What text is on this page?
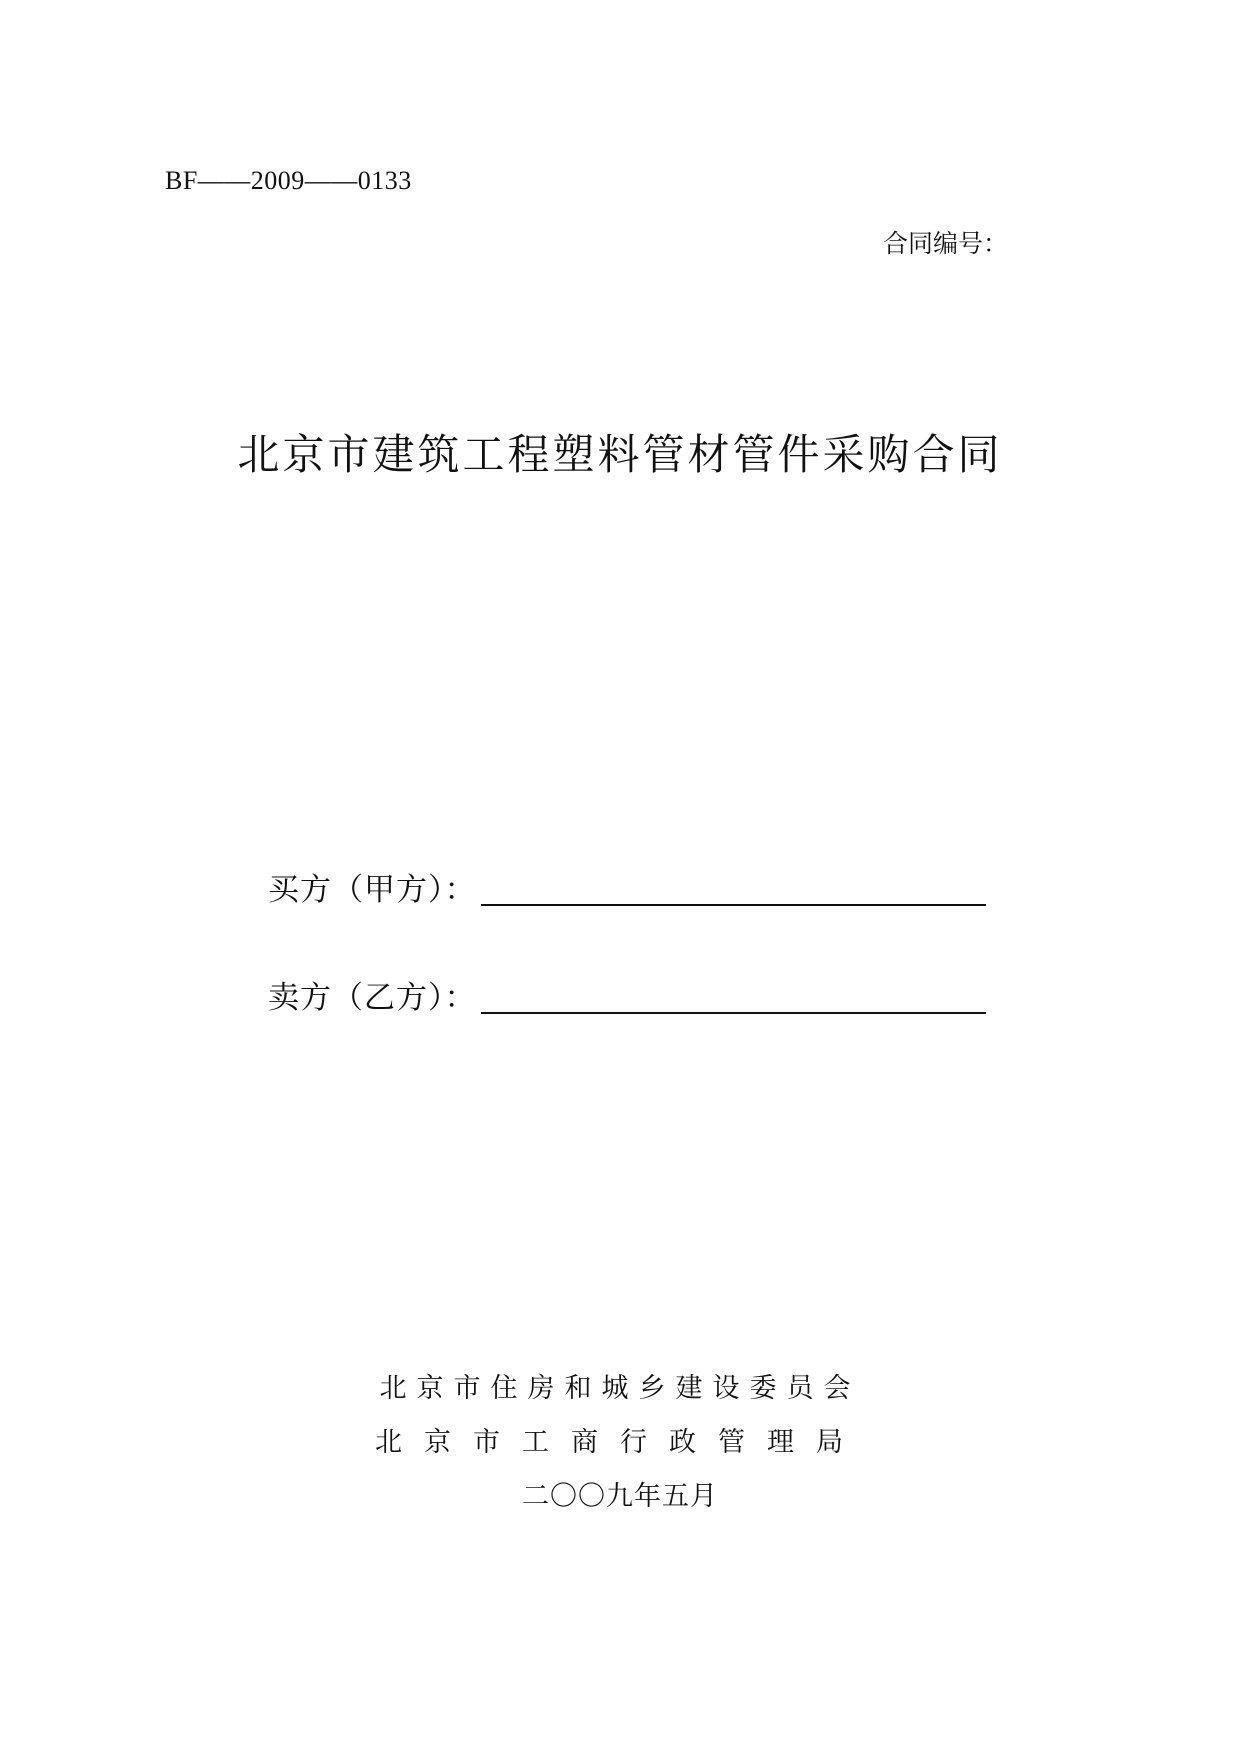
BF——2009——0133
合同编号：
北京市建筑工程塑料管材管件采购合同
买方（甲方）：
卖方（乙方）：
北京市住房和城乡建设委员会
北京市工商行政管理局
二〇〇九年五月
